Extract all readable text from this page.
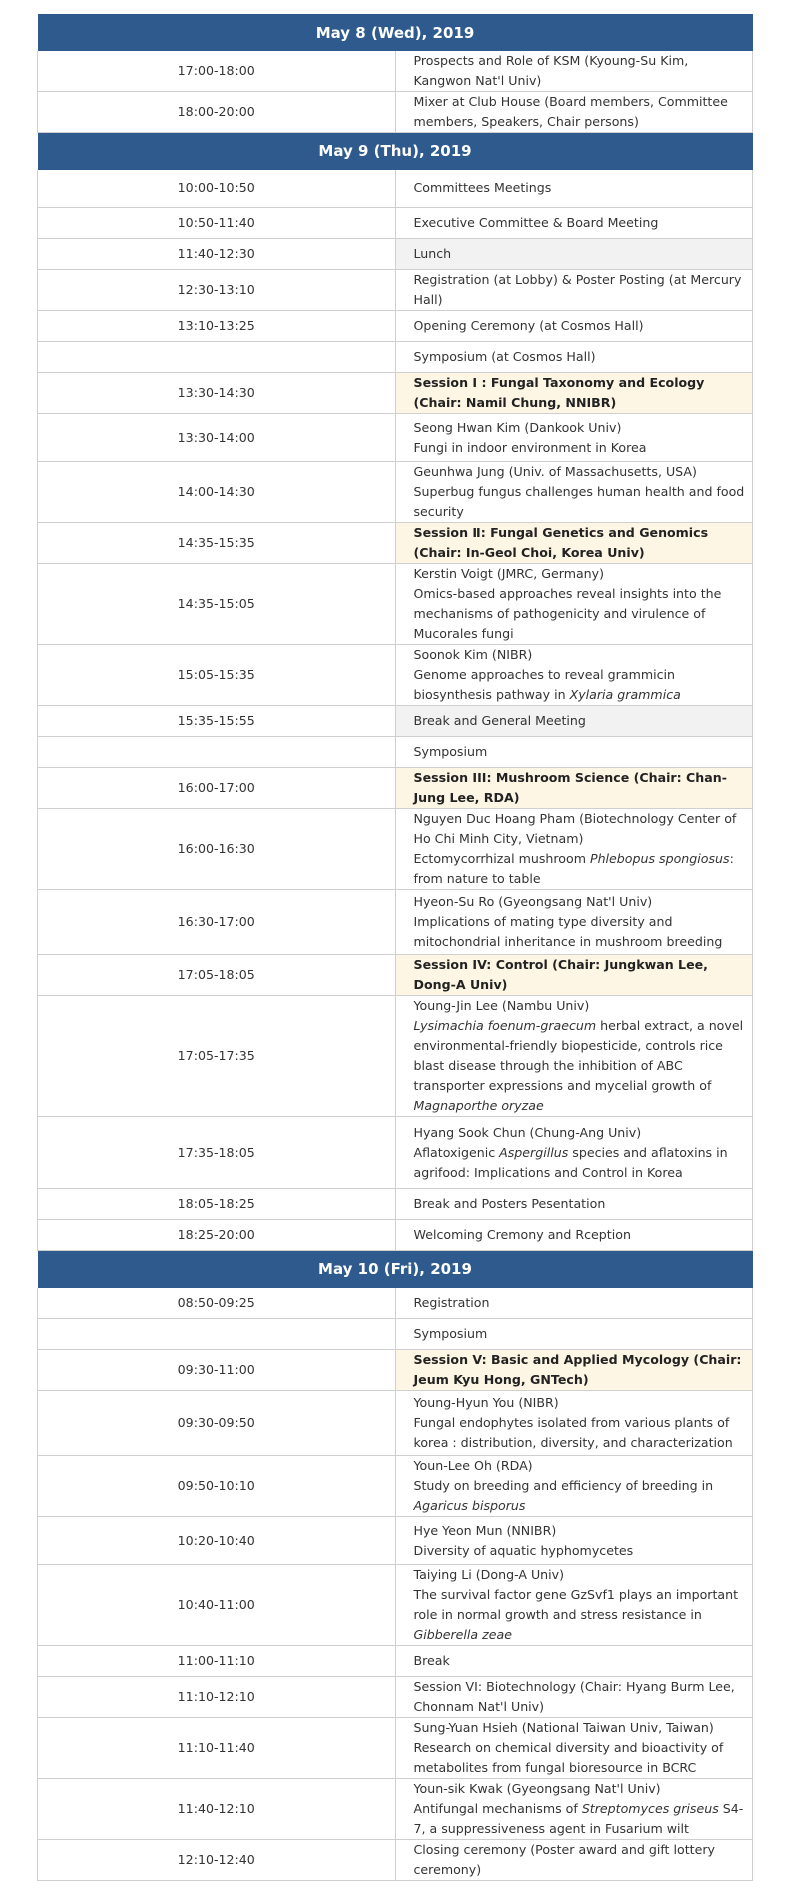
May 8 (Wed), 2019	
17:00-18:00	Prospects and Role of KSM (Kyoung-Su Kim, Kangwon Nat'l Univ)
18:00-20:00	Mixer at Club House (Board members, Committee members, Speakers, Chair persons)
May 9 (Thu), 2019	
10:00-10:50	Committees Meetings
10:50-11:40	Executive Committee & Board Meeting
11:40-12:30	Lunch
12:30-13:10	Registration (at Lobby) & Poster Posting (at Mercury Hall)
13:10-13:25	Opening Ceremony (at Cosmos Hall)
	Symposium (at Cosmos Hall)
13:30-14:30	Session Ⅰ : Fungal Taxonomy and Ecology (Chair: Namil Chung, NNIBR)
13:30-14:00	Seong Hwan Kim (Dankook Univ)
Fungi in indoor environment in Korea

14:00-14:30	Geunhwa Jung (Univ. of Massachusetts, USA)
Superbug fungus challenges human health and food security

14:35-15:35	Session Ⅱ: Fungal Genetics and Genomics (Chair: In-Geol Choi, Korea Univ)
14:35-15:05	Kerstin Voigt (JMRC, Germany)
Omics-based approaches reveal insights into the mechanisms of pathogenicity and virulence of Mucorales fungi

15:05-15:35	Soonok Kim (NIBR)
Genome approaches to reveal grammicin biosynthesis pathway in Xylaria grammica

15:35-15:55	Break and General Meeting
	Symposium
16:00-17:00	Session III: Mushroom Science (Chair: Chan-Jung Lee, RDA)
16:00-16:30	Nguyen Duc Hoang Pham (Biotechnology Center of Ho Chi Minh City, Vietnam)
Ectomycorrhizal mushroom Phlebopus spongiosus: from nature to table

16:30-17:00	Hyeon-Su Ro (Gyeongsang Nat'l Univ)
Implications of mating type diversity and mitochondrial inheritance in mushroom breeding

17:05-18:05	Session IV: Control (Chair: Jungkwan Lee, Dong-A Univ)
17:05-17:35	Young-Jin Lee (Nambu Univ)
Lysimachia foenum-graecum herbal extract, a novel environmental-friendly biopesticide, controls rice blast disease through the inhibition of ABC transporter expressions and mycelial growth of Magnaporthe oryzae

17:35-18:05	Hyang Sook Chun (Chung-Ang Univ)
Aflatoxigenic Aspergillus species and aflatoxins in agrifood: Implications and Control in Korea

18:05-18:25	Break and Posters Pesentation
18:25-20:00	Welcoming Cremony and Rception
May 10 (Fri), 2019	
08:50-09:25	Registration
	Symposium
09:30-11:00	Session V: Basic and Applied Mycology (Chair: Jeum Kyu Hong, GNTech)
09:30-09:50	Young-Hyun You (NIBR)
Fungal endophytes isolated from various plants of korea : distribution, diversity, and characterization

09:50-10:10	Youn-Lee Oh (RDA)
Study on breeding and efficiency of breeding in Agaricus bisporus

10:20-10:40	Hye Yeon Mun (NNIBR)
Diversity of aquatic hyphomycetes

10:40-11:00	Taiying Li (Dong-A Univ)
The survival factor gene GzSvf1 plays an important role in normal growth and stress resistance in Gibberella zeae

11:00-11:10	Break
11:10-12:10	Session VI: Biotechnology (Chair: Hyang Burm Lee, Chonnam Nat'l Univ)
11:10-11:40	Sung-Yuan Hsieh (National Taiwan Univ, Taiwan)
Research on chemical diversity and bioactivity of metabolites from fungal bioresource in BCRC

11:40-12:10	Youn-sik Kwak (Gyeongsang Nat'l Univ)
Antifungal mechanisms of Streptomyces griseus S4-7, a suppressiveness agent in Fusarium wilt

12:10-12:40	Closing ceremony (Poster award and gift lottery ceremony)
